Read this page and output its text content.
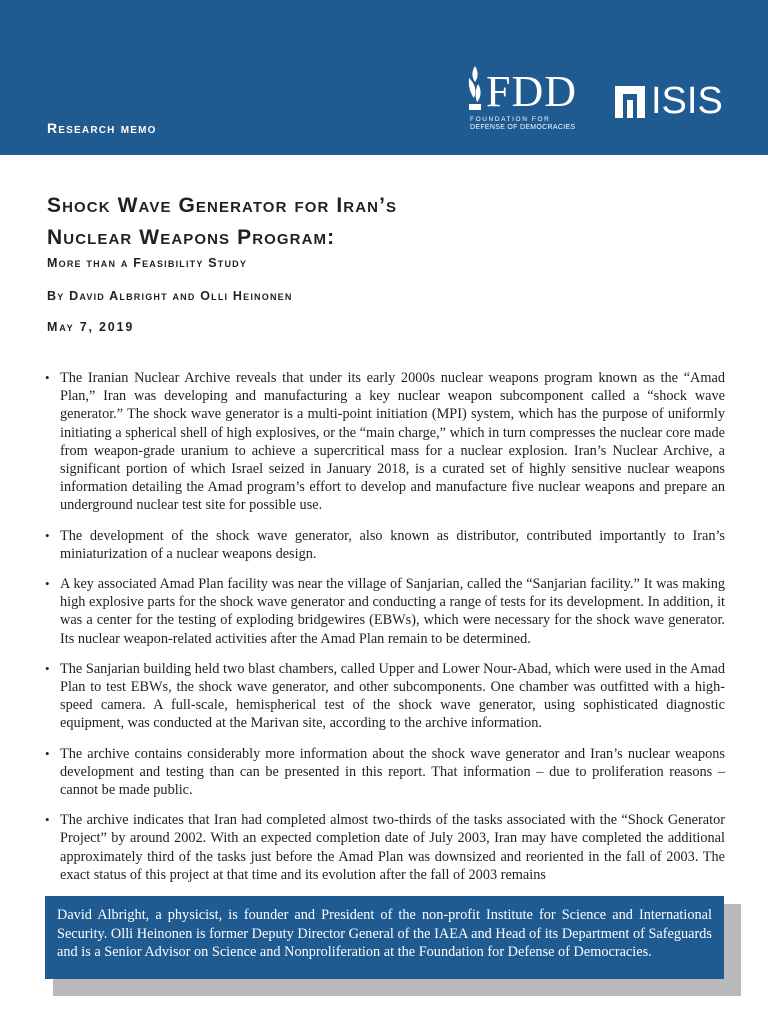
Research memo
FDD
FOUNDATION FOR
DEFENSE OF DEMOCRACIES
ISIS
Shock Wave Generator for Iran’s
Nuclear Weapons Program:
More than a Feasibility Study
By David Albright and Olli Heinonen
May 7, 2019
• The Iranian Nuclear Archive reveals that under its early 2000s nuclear weapons program known as the “Amad Plan,” Iran was developing and manufacturing a key nuclear weapon subcomponent called a “shock wave generator.” The shock wave generator is a multi-point initiation (MPI) system, which has the purpose of uniformly initiating a spherical shell of high explosives, or the “main charge,” which in turn compresses the nuclear core made from weapon-grade uranium to achieve a supercritical mass for a nuclear explosion. Iran’s Nuclear Archive, a significant portion of which Israel seized in January 2018, is a curated set of highly sensitive nuclear weapons information detailing the Amad program’s effort to develop and manufacture five nuclear weapons and prepare an underground nuclear test site for possible use.
• The development of the shock wave generator, also known as distributor, contributed importantly to Iran’s miniaturization of a nuclear weapons design.
• A key associated Amad Plan facility was near the village of Sanjarian, called the “Sanjarian facility.” It was making high explosive parts for the shock wave generator and conducting a range of tests for its development. In addition, it was a center for the testing of exploding bridgewires (EBWs), which were necessary for the shock wave generator. Its nuclear weapon-related activities after the Amad Plan remain to be determined.
• The Sanjarian building held two blast chambers, called Upper and Lower Nour-Abad, which were used in the Amad Plan to test EBWs, the shock wave generator, and other subcomponents. One chamber was outfitted with a high-speed camera. A full-scale, hemispherical test of the shock wave generator, using sophisticated diagnostic equipment, was conducted at the Marivan site, according to the archive information.
• The archive contains considerably more information about the shock wave generator and Iran’s nuclear weapons development and testing than can be presented in this report. That information – due to proliferation reasons – cannot be made public.
• The archive indicates that Iran had completed almost two-thirds of the tasks associated with the “Shock Generator Project” by around 2002. With an expected completion date of July 2003, Iran may have completed the additional approximately third of the tasks just before the Amad Plan was downsized and reoriented in the fall of 2003. The exact status of this project at that time and its evolution after the fall of 2003 remains
David Albright, a physicist, is founder and President of the non-profit Institute for Science and International Security. Olli Heinonen is former Deputy Director General of the IAEA and Head of its Department of Safeguards and is a Senior Advisor on Science and Nonproliferation at the Foundation for Defense of Democracies.
